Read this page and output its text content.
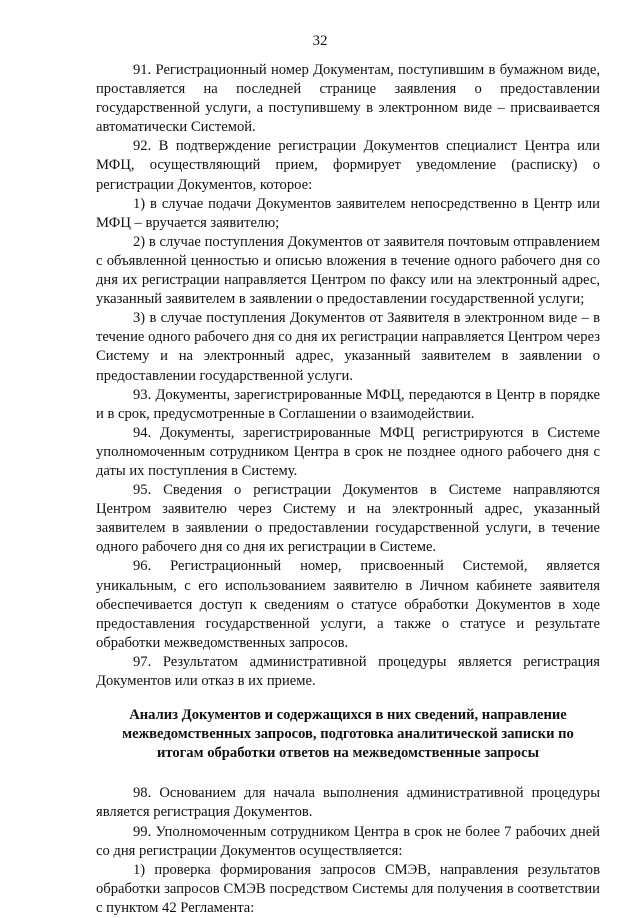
32

91. Регистрационный номер Документам, поступившим в бумажном виде, проставляется на последней странице заявления о предоставлении государственной услуги, а поступившему в электронном виде – присваивается автоматически Системой.

92. В подтверждение регистрации Документов специалист Центра или МФЦ, осуществляющий прием, формирует уведомление (расписку) о регистрации Документов, которое:

1) в случае подачи Документов заявителем непосредственно в Центр или МФЦ – вручается заявителю;

2) в случае поступления Документов от заявителя почтовым отправлением с объявленной ценностью и описью вложения в течение одного рабочего дня со дня их регистрации направляется Центром по факсу или на электронный адрес, указанный заявителем в заявлении о предоставлении государственной услуги;

3) в случае поступления Документов от Заявителя в электронном виде – в течение одного рабочего дня со дня их регистрации направляется Центром через Систему и на электронный адрес, указанный заявителем в заявлении о предоставлении государственной услуги.

93. Документы, зарегистрированные МФЦ, передаются в Центр в порядке и в срок, предусмотренные в Соглашении о взаимодействии.

94. Документы, зарегистрированные МФЦ регистрируются в Системе уполномоченным сотрудником Центра в срок не позднее одного рабочего дня с даты их поступления в Систему.

95. Сведения о регистрации Документов в Системе направляются Центром заявителю через Систему и на электронный адрес, указанный заявителем в заявлении о предоставлении государственной услуги, в течение одного рабочего дня со дня их регистрации в Системе.

96. Регистрационный номер, присвоенный Системой, является уникальным, с его использованием заявителю в Личном кабинете заявителя обеспечивается доступ к сведениям о статусе обработки Документов в ходе предоставления государственной услуги, а также о статусе и результате обработки межведомственных запросов.

97. Результатом административной процедуры является регистрация Документов или отказ в их приеме.

Анализ Документов и содержащихся в них сведений, направление межведомственных запросов, подготовка аналитической записки по итогам обработки ответов на межведомственные запросы

98. Основанием для начала выполнения административной процедуры является регистрация Документов.

99. Уполномоченным сотрудником Центра в срок не более 7 рабочих дней со дня регистрации Документов осуществляется:

1) проверка формирования запросов СМЭВ, направления результатов обработки запросов СМЭВ посредством Системы для получения в соответствии с пунктом 42 Регламента:
